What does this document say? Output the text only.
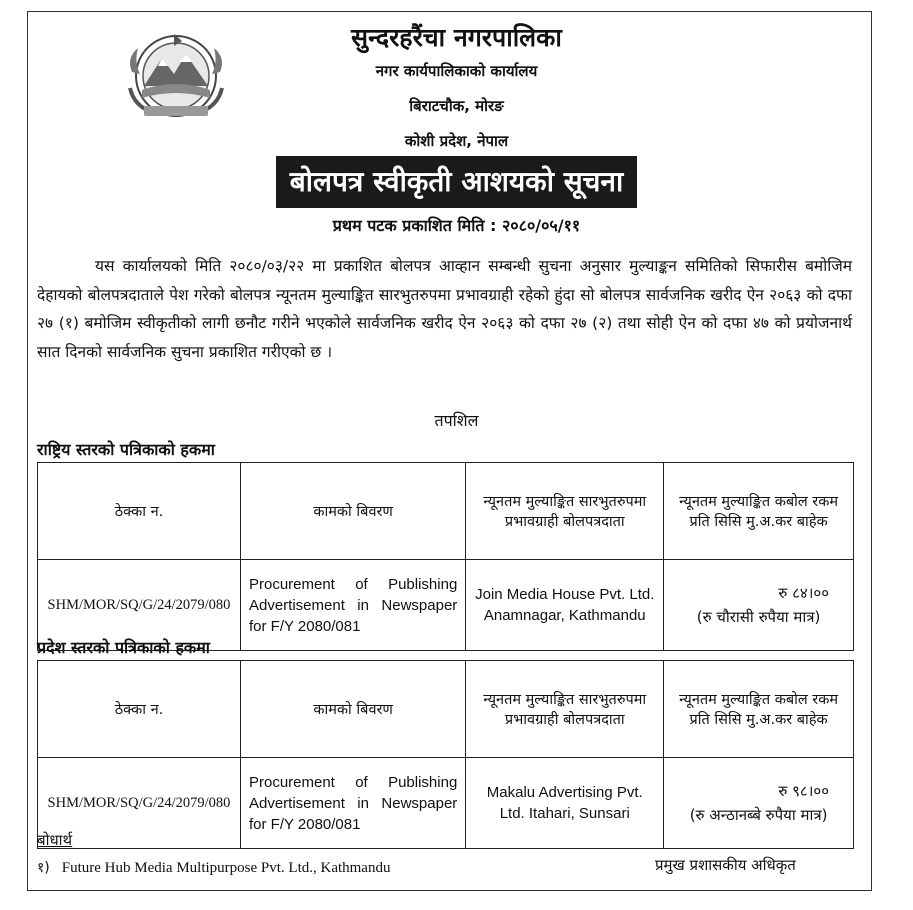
सुन्दरहरैंचा नगरपालिका
नगर कार्यपालिकाको कार्यालय
बिराटचौक, मोरङ
कोशी प्रदेश, नेपाल
बोलपत्र स्वीकृती आशयको सूचना
प्रथम पटक प्रकाशित मिति : २०८०/०५/११

यस कार्यालयको मिति २०८०/०३/२२ मा प्रकाशित बोलपत्र आव्हान सम्बन्धी सुचना अनुसार मुल्याङ्कन समितिको सिफारीस बमोजिम देहायको बोलपत्रदाताले पेश गरेको बोलपत्र न्यूनतम मुल्याङ्कित सारभुतरुपमा प्रभावग्राही रहेको हुंदा सो बोलपत्र सार्वजनिक खरीद ऐन २०६३ को दफा २७ (१) बमोजिम स्वीकृतीको लागी छनौट गरीने भएकोले सार्वजनिक खरीद ऐन २०६३ को दफा २७ (२) तथा सोही ऐन को दफा ४७ को प्रयोजनार्थ सात दिनको सार्वजनिक सुचना प्रकाशित गरीएको छ ।

तपशिल
राष्ट्रिय स्तरको पत्रिकाको हकमा
ठेक्का न.	कामको बिवरण	न्यूनतम मुल्याङ्कित सारभुतरुपमा प्रभावग्राही बोलपत्रदाता	न्यूनतम मुल्याङ्कित कबोल रकम प्रति सिसि मु.अ.कर बाहेक
SHM/MOR/SQ/G/24/2079/080	Procurement of Publishing Advertisement in Newspaper for F/Y 2080/081	Join Media House Pvt. Ltd. Anamnagar, Kathmandu	रु ८४।००
(रु चौरासी रुपैया मात्र)
प्रदेश स्तरको पत्रिकाको हकमा
ठेक्का न.	कामको बिवरण	न्यूनतम मुल्याङ्कित सारभुतरुपमा प्रभावग्राही बोलपत्रदाता	न्यूनतम मुल्याङ्कित कबोल रकम प्रति सिसि मु.अ.कर बाहेक
SHM/MOR/SQ/G/24/2079/080	Procurement of Publishing Advertisement in Newspaper for F/Y 2080/081	Makalu Advertising Pvt. Ltd. Itahari, Sunsari	रु ९८।००
(रु अन्ठानब्बे रुपैया मात्र)
बोधार्थ
१) Future Hub Media Multipurpose Pvt. Ltd., Kathmandu	प्रमुख प्रशासकीय अधिकृत
